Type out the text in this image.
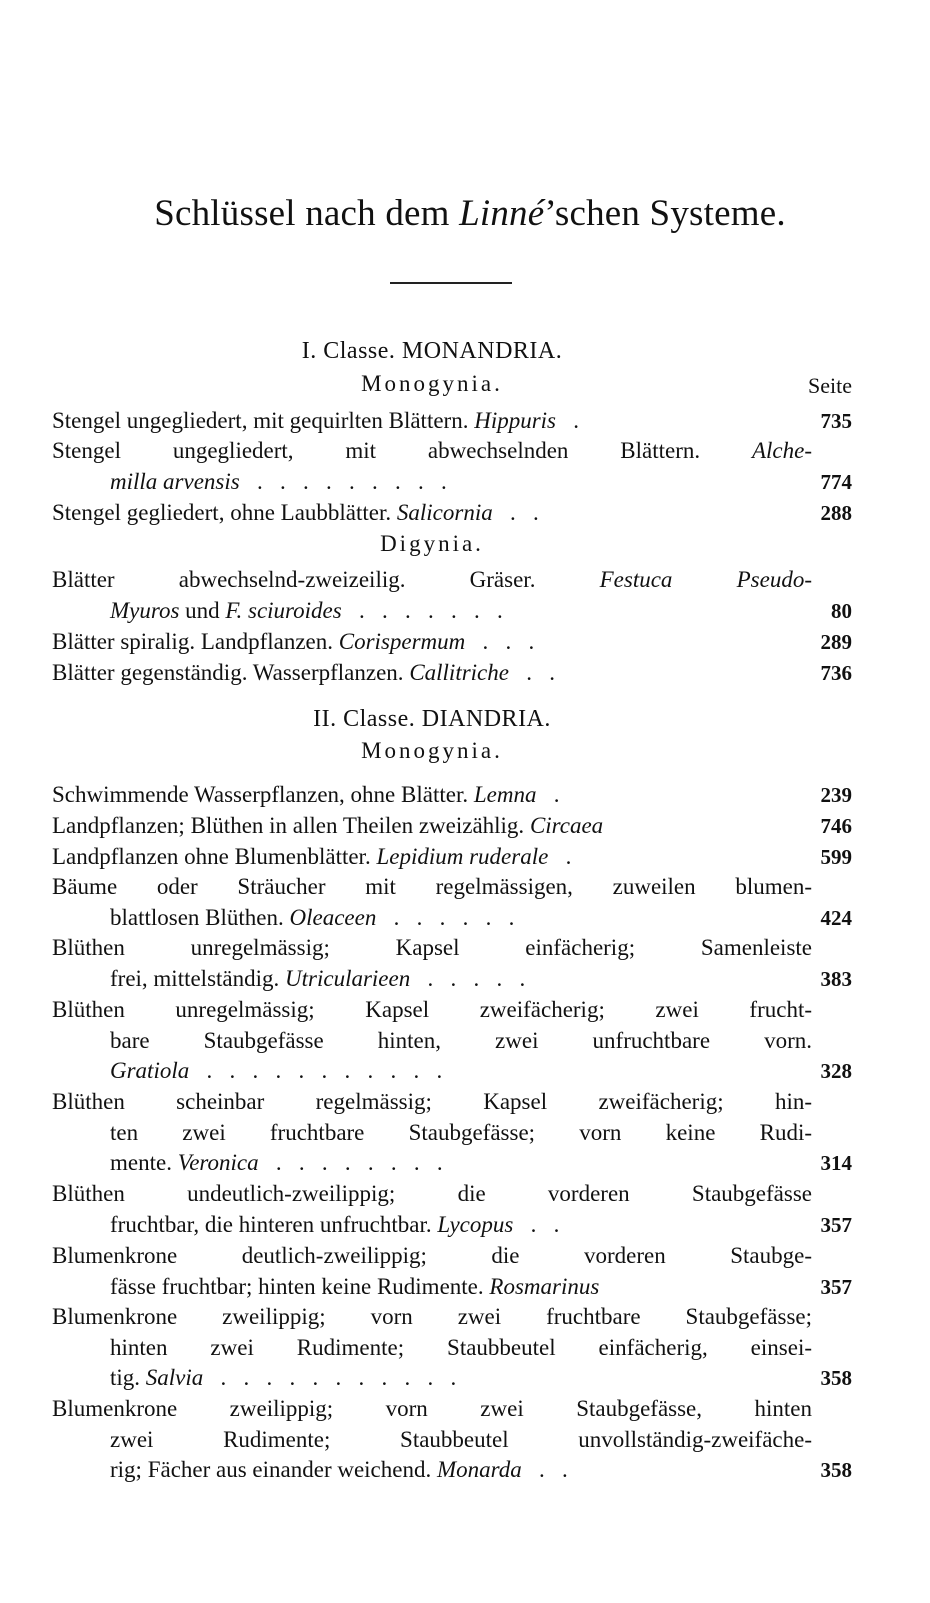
Schlüssel nach dem Linné’schen Systeme.
I. Classe. MONANDRIA.
Monogynia.	Seite
Stengel ungegliedert, mit gequirlten Blättern. Hippuris   .	735
Stengel ungegliedert, mit abwechselnden Blättern. Alche-
milla arvensis   .   .   .   .   .   .   .   .   .	774
Stengel gegliedert, ohne Laubblätter. Salicornia   .   .	288
Digynia.
Blätter abwechselnd-zweizeilig. Gräser. Festuca Pseudo-
Myuros und F. sciuroides   .   .   .   .   .   .   .	80
Blätter spiralig. Landpflanzen. Corispermum   .   .   .	289
Blätter gegenständig. Wasserpflanzen. Callitriche   .   .	736
II. Classe. DIANDRIA.
Monogynia.
Schwimmende Wasserpflanzen, ohne Blätter. Lemna   .	239
Landpflanzen; Blüthen in allen Theilen zweizählig. Circaea	746
Landpflanzen ohne Blumenblätter. Lepidium ruderale   .	599
Bäume oder Sträucher mit regelmässigen, zuweilen blumen-
blattlosen Blüthen. Oleaceen   .   .   .   .   .   .	424
Blüthen unregelmässig; Kapsel einfächerig; Samenleiste
frei, mittelständig. Utricularieen   .   .   .   .   .	383
Blüthen unregelmässig; Kapsel zweifächerig; zwei frucht-
bare Staubgefässe hinten, zwei unfruchtbare vorn.
Gratiola   .   .   .   .   .   .   .   .   .   .   .	328
Blüthen scheinbar regelmässig; Kapsel zweifächerig; hin-
ten zwei fruchtbare Staubgefässe; vorn keine Rudi-
mente. Veronica   .   .   .   .   .   .   .   .	314
Blüthen undeutlich-zweilippig; die vorderen Staubgefässe
fruchtbar, die hinteren unfruchtbar. Lycopus   .   .	357
Blumenkrone deutlich-zweilippig; die vorderen Staubge-
fässe fruchtbar; hinten keine Rudimente. Rosmarinus	357
Blumenkrone zweilippig; vorn zwei fruchtbare Staubgefässe;
hinten zwei Rudimente; Staubbeutel einfächerig, einsei-
tig. Salvia   .   .   .   .   .   .   .   .   .   .   .	358
Blumenkrone zweilippig; vorn zwei Staubgefässe, hinten
zwei Rudimente; Staubbeutel unvollständig-zweifäche-
rig; Fächer aus einander weichend. Monarda   .   .	358
